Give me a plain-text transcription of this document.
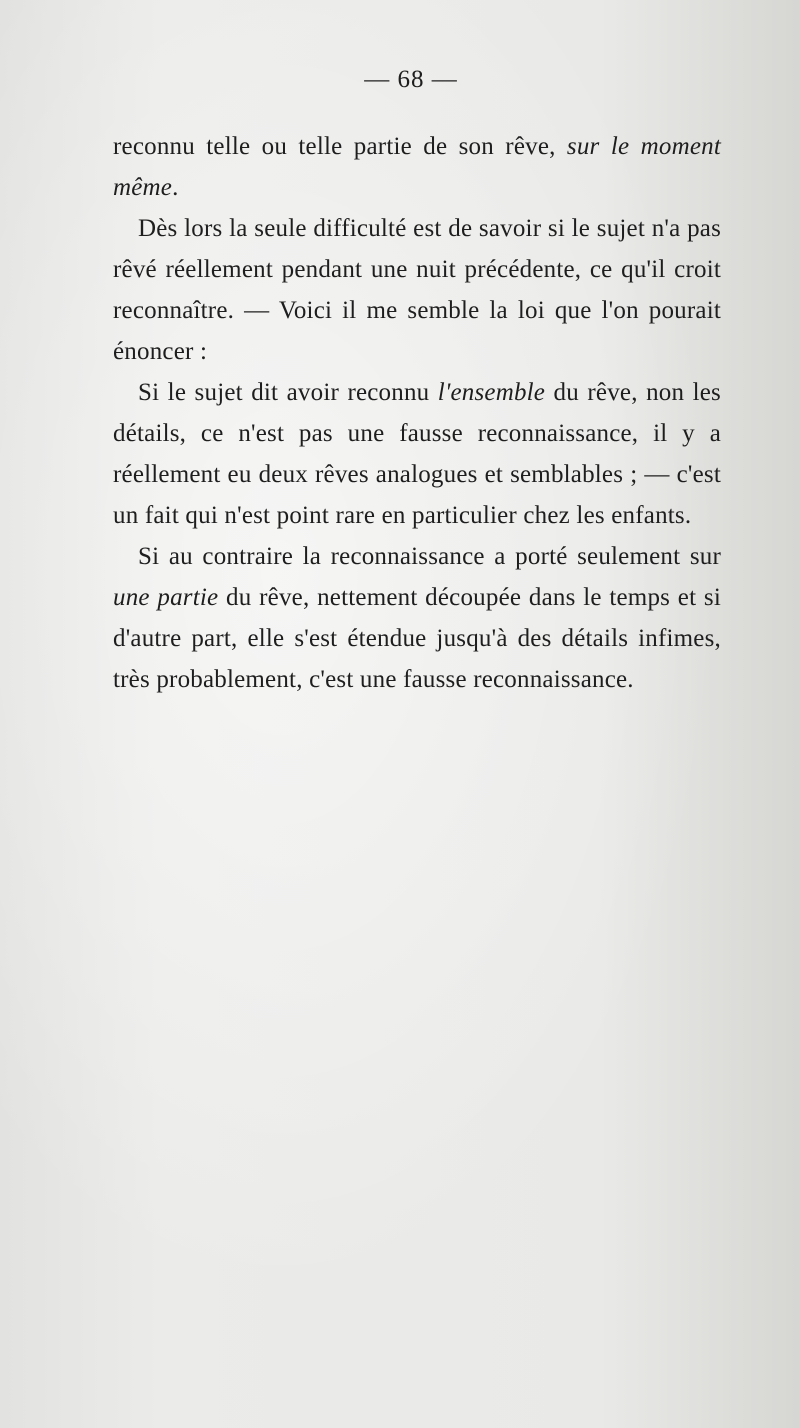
— 68 —

reconnu telle ou telle partie de son rêve, sur le moment même.

Dès lors la seule difficulté est de savoir si le sujet n'a pas rêvé réellement pendant une nuit précédente, ce qu'il croit reconnaître. — Voici il me semble la loi que l'on pourait énoncer :

Si le sujet dit avoir reconnu l'ensemble du rêve, non les détails, ce n'est pas une fausse reconnaissance, il y a réellement eu deux rêves analogues et semblables ; — c'est un fait qui n'est point rare en particulier chez les enfants.

Si au contraire la reconnaissance a porté seulement sur une partie du rêve, nettement découpée dans le temps et si d'autre part, elle s'est étendue jusqu'à des détails infimes, très probablement, c'est une fausse reconnaissance.
